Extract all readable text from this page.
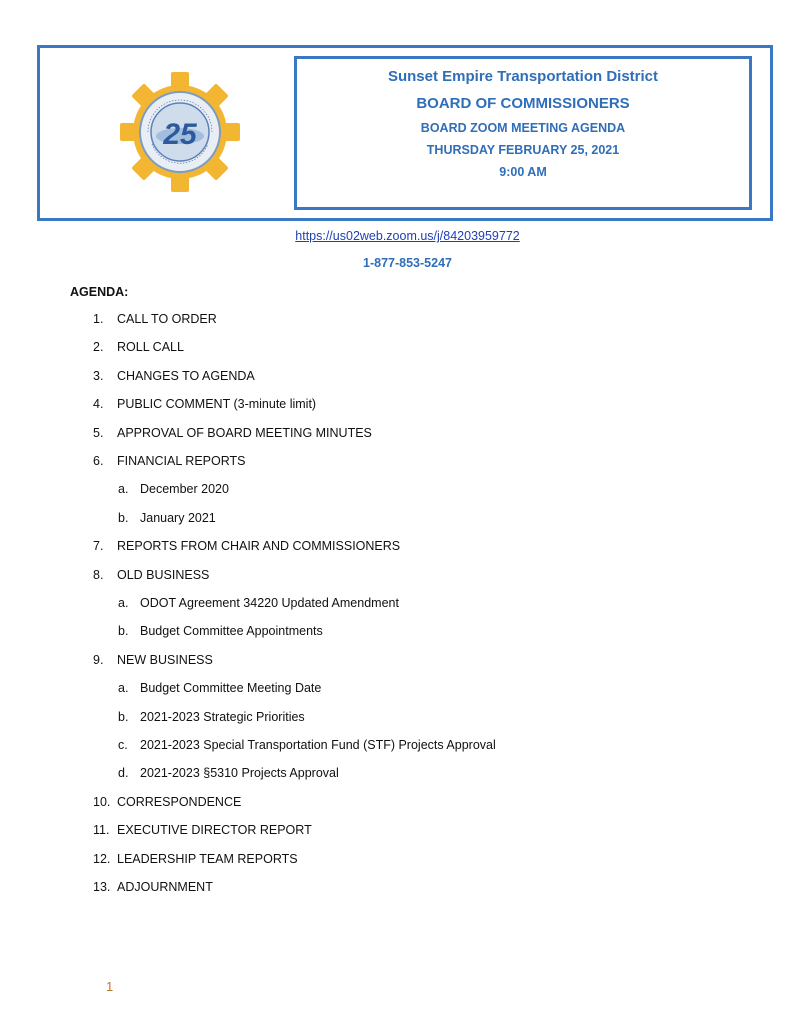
25
Sunset Empire Transportation District
BOARD OF COMMISSIONERS
BOARD ZOOM MEETING AGENDA
THURSDAY FEBRUARY 25, 2021
9:00 AM
https://us02web.zoom.us/j/84203959772
1-877-853-5247
AGENDA:
1. CALL TO ORDER
2. ROLL CALL
3. CHANGES TO AGENDA
4. PUBLIC COMMENT (3-minute limit)
5. APPROVAL OF BOARD MEETING MINUTES
6. FINANCIAL REPORTS
a. December 2020
b. January 2021
7. REPORTS FROM CHAIR AND COMMISSIONERS
8. OLD BUSINESS
a. ODOT Agreement 34220 Updated Amendment
b. Budget Committee Appointments
9. NEW BUSINESS
a. Budget Committee Meeting Date
b. 2021-2023 Strategic Priorities
c. 2021-2023 Special Transportation Fund (STF) Projects Approval
d. 2021-2023 §5310 Projects Approval
10. CORRESPONDENCE
11. EXECUTIVE DIRECTOR REPORT
12. LEADERSHIP TEAM REPORTS
13. ADJOURNMENT
1
